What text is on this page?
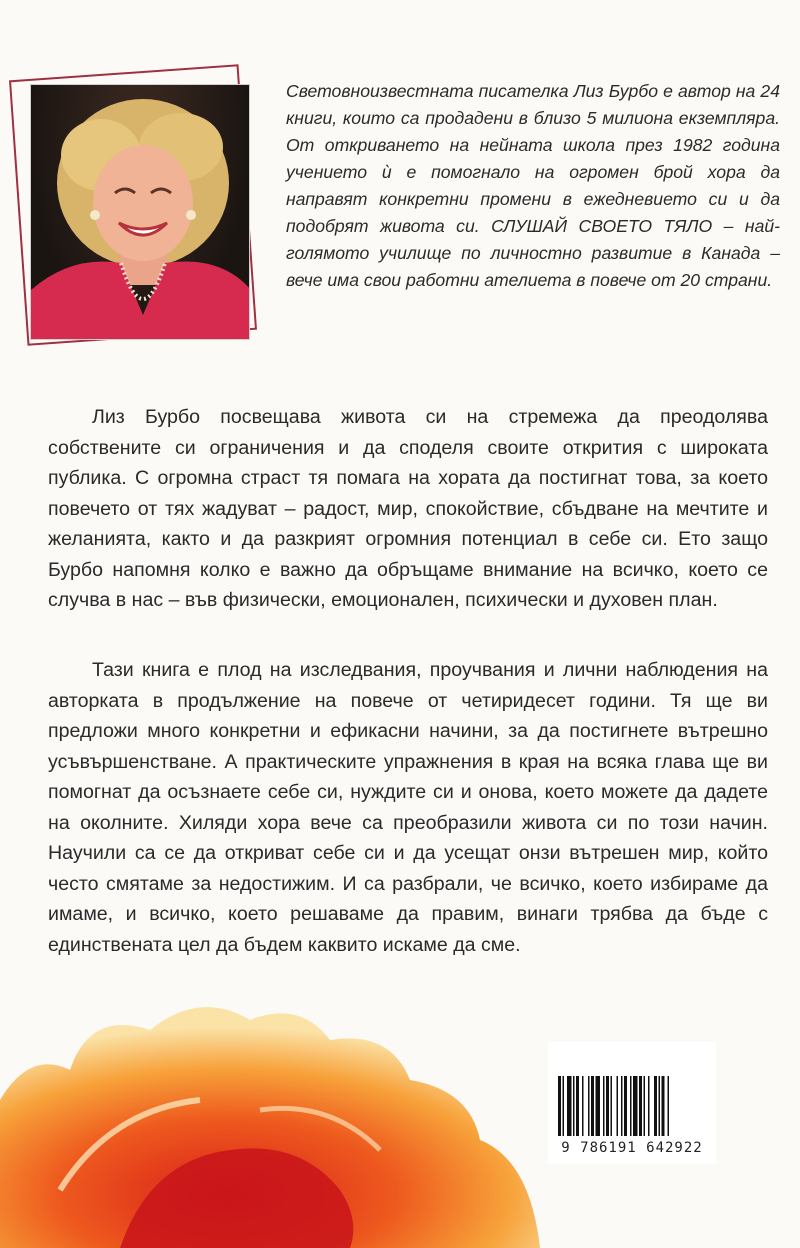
Световноизвестната писателка Лиз Бурбо е автор на 24 книги, които са продадени в близо 5 милиона екземпляра. От откриването на нейната школа през 1982 година учението ѝ е помогнало на огромен брой хора да направят конкретни промени в ежедневието си и да подобрят живота си. СЛУШАЙ СВОЕТО ТЯЛО – най-голямото училище по личностно развитие в Канада – вече има свои работни ателиета в повече от 20 страни.

Лиз Бурбо посвещава живота си на стремежа да преодолява собствените си ограничения и да споделя своите открития с широката публика. С огромна страст тя помага на хората да постигнат това, за което повечето от тях жадуват – радост, мир, спокойствие, сбъдване на мечтите и желанията, както и да разкрият огромния потенциал в себе си. Ето защо Бурбо напомня колко е важно да обръщаме внимание на всичко, което се случва в нас – във физически, емоционален, психически и духовен план.

Тази книга е плод на изследвания, проучвания и лични наблюдения на авторката в продължение на повече от четиридесет години. Тя ще ви предложи много конкретни и ефикасни начини, за да постигнете вътрешно усъвършенстване. А практическите упражнения в края на всяка глава ще ви помогнат да осъзнаете себе си, нуждите си и онова, което можете да дадете на околните. Хиляди хора вече са преобразили живота си по този начин. Научили са се да откриват себе си и да усещат онзи вътрешен мир, който често смятаме за недостижим. И са разбрали, че всичко, което избираме да имаме, и всичко, което решаваме да правим, винаги трябва да бъде с единствената цел да бъдем каквито искаме да сме.

9 786191 642922
